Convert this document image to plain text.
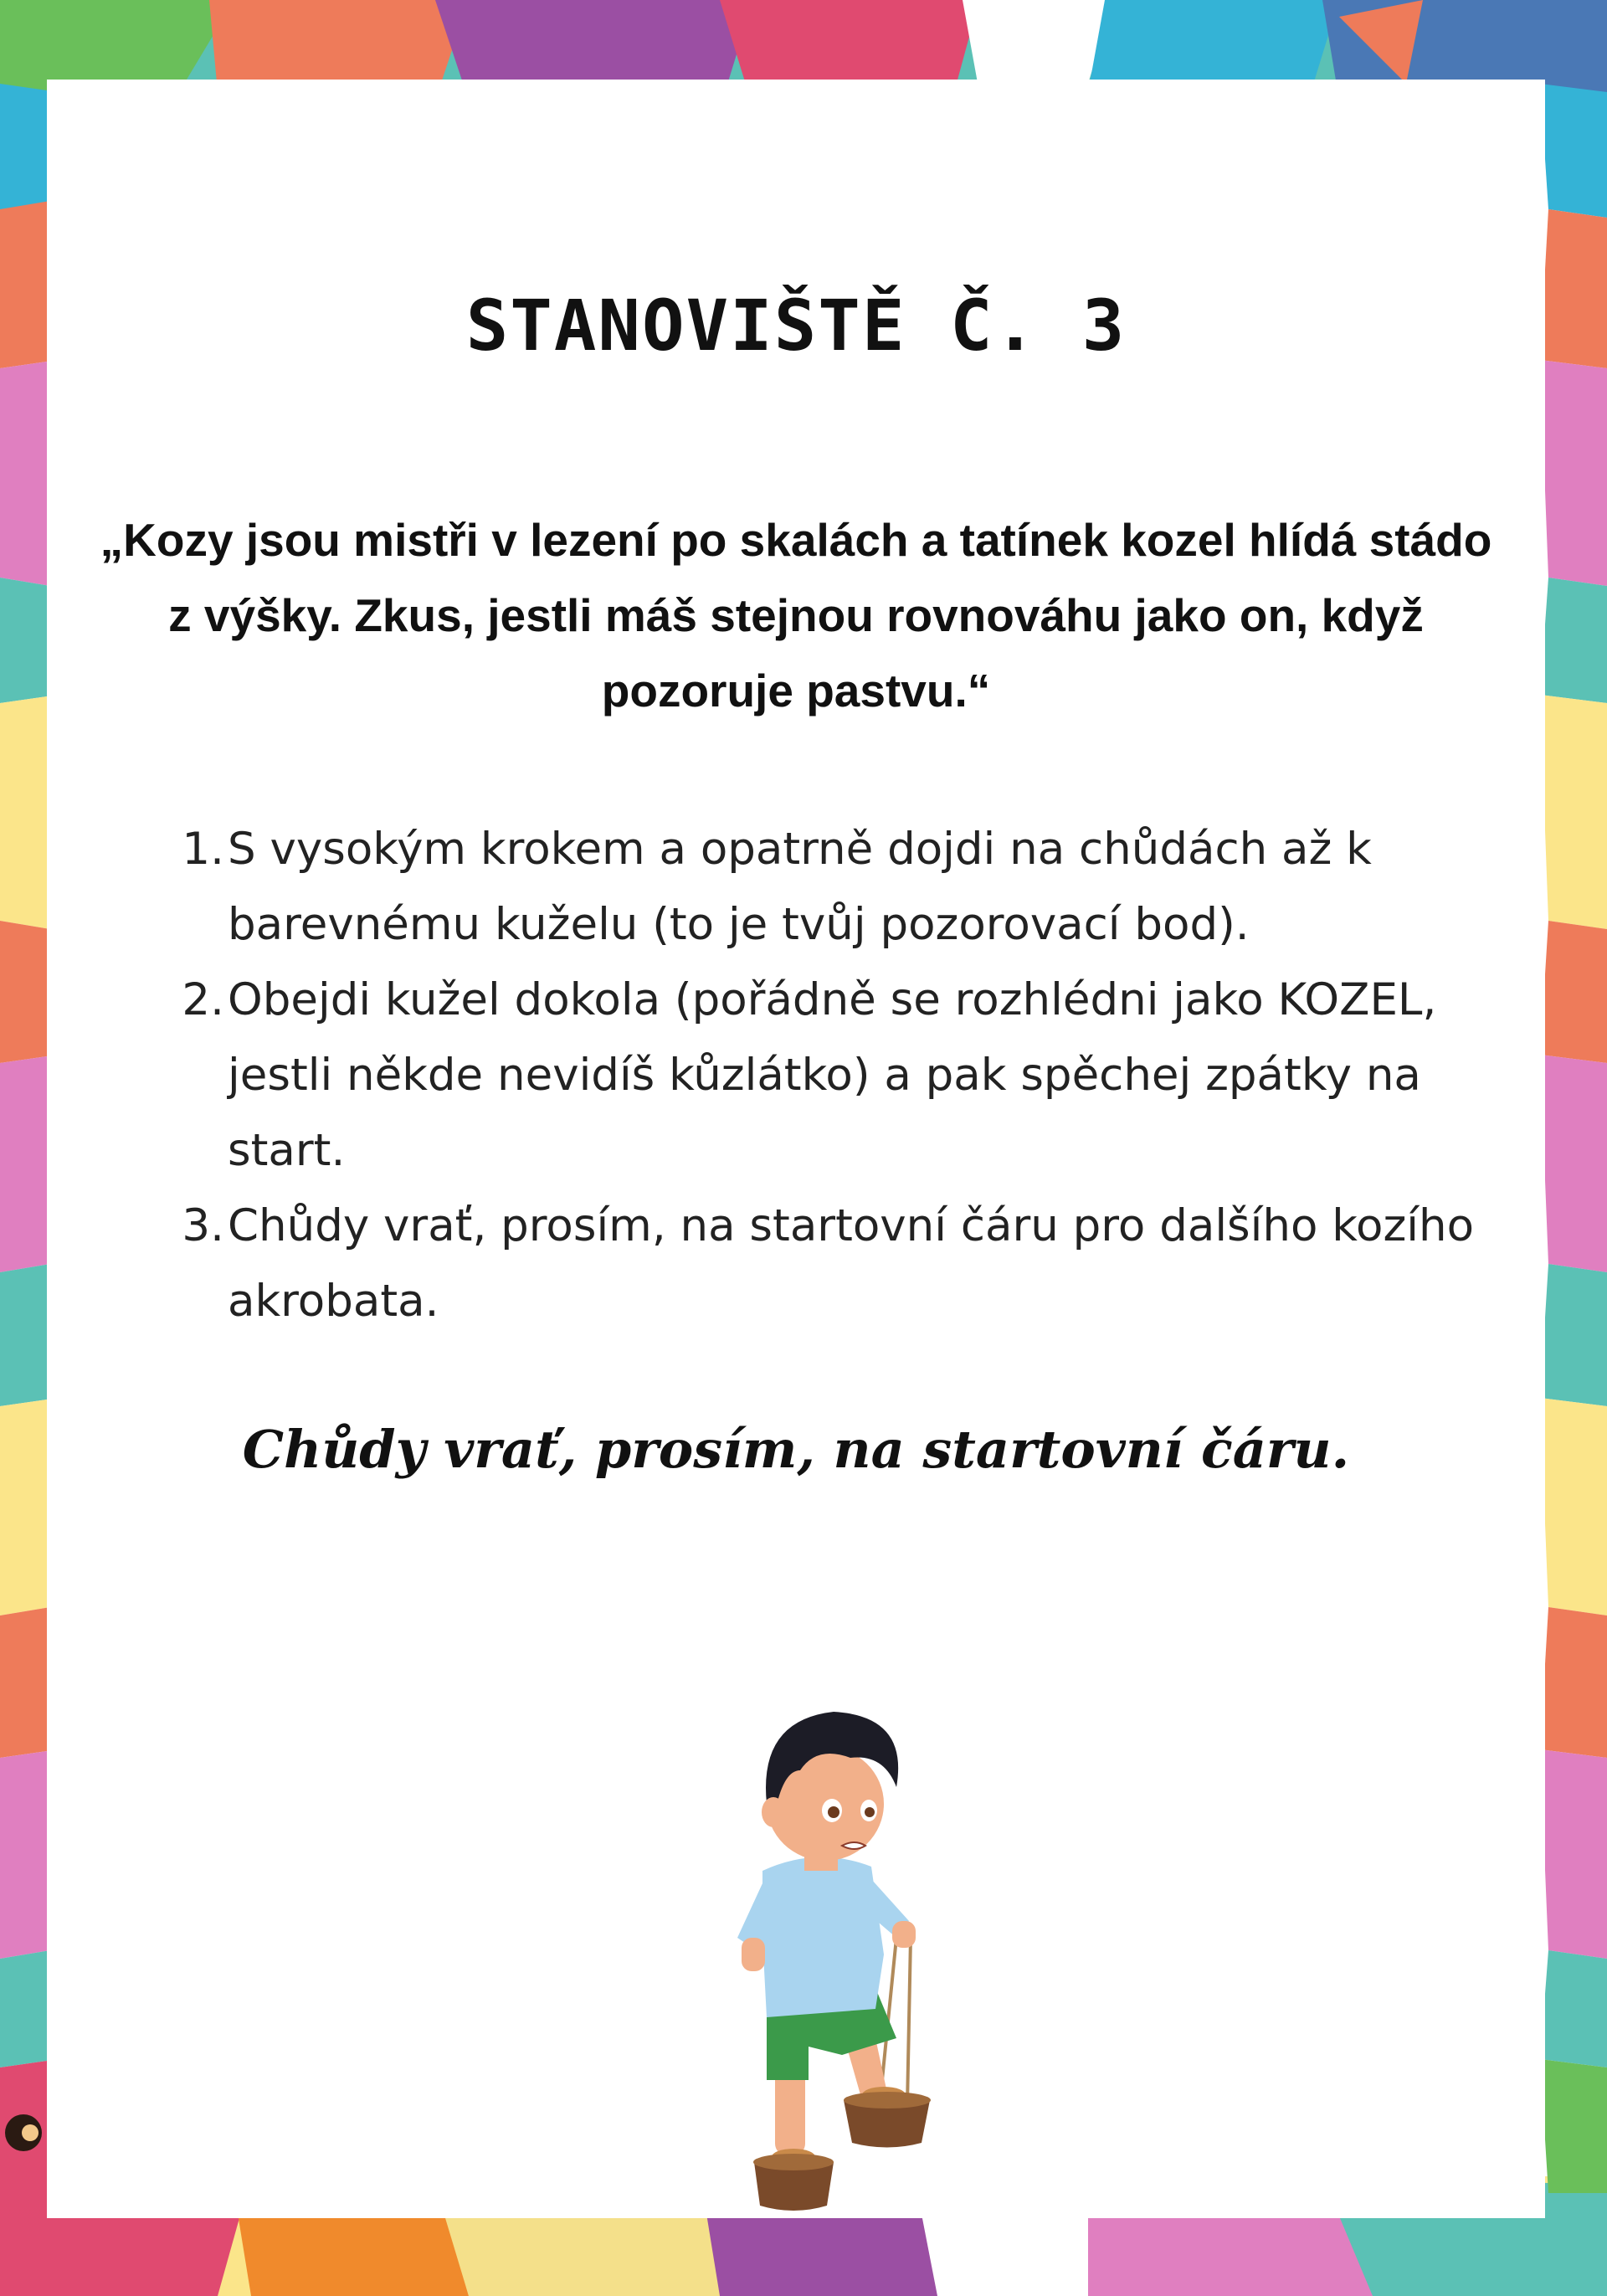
STANOVIŠTĚ Č. 3

„Kozy jsou mistři v lezení po skalách a tatínek kozel hlídá stádo z výšky. Zkus, jestli máš stejnou rovnováhu jako on, když pozoruje pastvu.“

1. S vysokým krokem a opatrně dojdi na chůdách až k barevnému kuželu (to je tvůj pozorovací bod).
2. Obejdi kužel dokola (pořádně se rozhlédni jako KOZEL, jestli někde nevidíš kůzlátko) a pak spěchej zpátky na start.
3. Chůdy vrať, prosím, na startovní čáru pro dalšího kozího akrobata.
Chůdy vrať, prosím, na startovní čáru.
